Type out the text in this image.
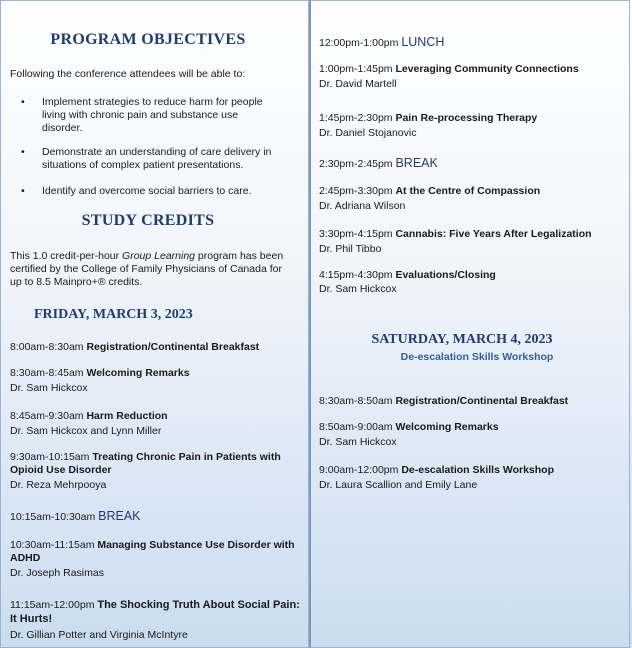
PROGRAM OBJECTIVES
Following the conference attendees will be able to:
• Implement strategies to reduce harm for people living with chronic pain and substance use disorder.
• Demonstrate an understanding of care delivery in situations of complex patient presentations.
• Identify and overcome social barriers to care.
STUDY CREDITS
This 1.0 credit-per-hour Group Learning program has been certified by the College of Family Physicians of Canada for up to 8.5 Mainpro+® credits.
FRIDAY, MARCH 3, 2023
8:00am-8:30am Registration/Continental Breakfast
8:30am-8:45am Welcoming Remarks
Dr. Sam Hickcox
8:45am-9:30am Harm Reduction
Dr. Sam Hickcox and Lynn Miller
9:30am-10:15am Treating Chronic Pain in Patients with Opioid Use Disorder
Dr. Reza Mehrpooya
10:15am-10:30am BREAK
10:30am-11:15am Managing Substance Use Disorder with ADHD
Dr. Joseph Rasimas
11:15am-12:00pm The Shocking Truth About Social Pain: It Hurts!
Dr. Gillian Potter and Virginia McIntyre
12:00pm-1:00pm LUNCH
1:00pm-1:45pm Leveraging Community Connections
Dr. David Martell
1:45pm-2:30pm Pain Re-processing Therapy
Dr. Daniel Stojanovic
2:30pm-2:45pm BREAK
2:45pm-3:30pm At the Centre of Compassion
Dr. Adriana Wilson
3:30pm-4:15pm Cannabis: Five Years After Legalization
Dr. Phil Tibbo
4:15pm-4:30pm Evaluations/Closing
Dr. Sam Hickcox
SATURDAY, MARCH 4, 2023
De-escalation Skills Workshop
8:30am-8:50am Registration/Continental Breakfast
8:50am-9:00am Welcoming Remarks
Dr. Sam Hickcox
9:00am-12:00pm De-escalation Skills Workshop
Dr. Laura Scallion and Emily Lane
